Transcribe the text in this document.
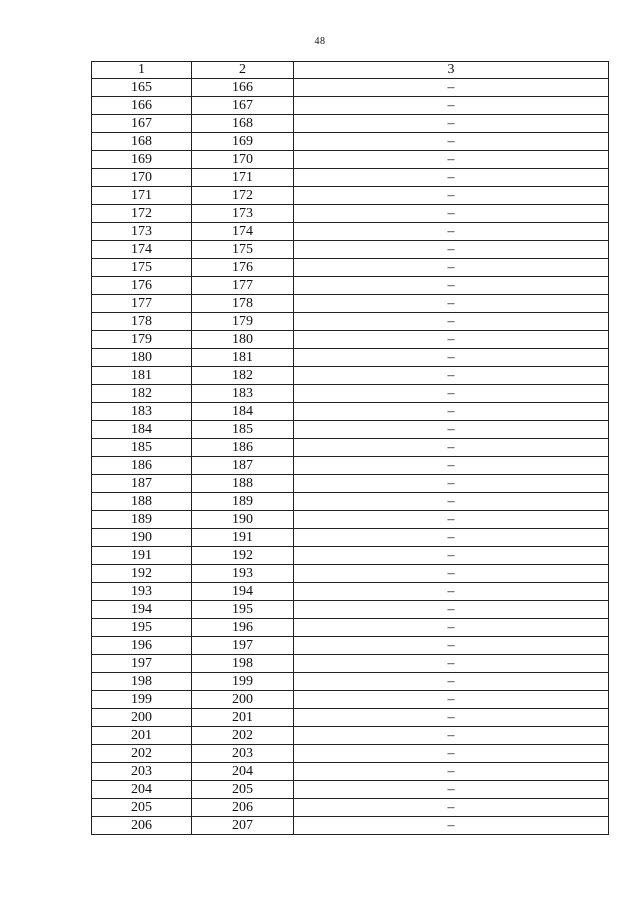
48
1	2	3
165	166	–
166	167	–
167	168	–
168	169	–
169	170	–
170	171	–
171	172	–
172	173	–
173	174	–
174	175	–
175	176	–
176	177	–
177	178	–
178	179	–
179	180	–
180	181	–
181	182	–
182	183	–
183	184	–
184	185	–
185	186	–
186	187	–
187	188	–
188	189	–
189	190	–
190	191	–
191	192	–
192	193	–
193	194	–
194	195	–
195	196	–
196	197	–
197	198	–
198	199	–
199	200	–
200	201	–
201	202	–
202	203	–
203	204	–
204	205	–
205	206	–
206	207	–
